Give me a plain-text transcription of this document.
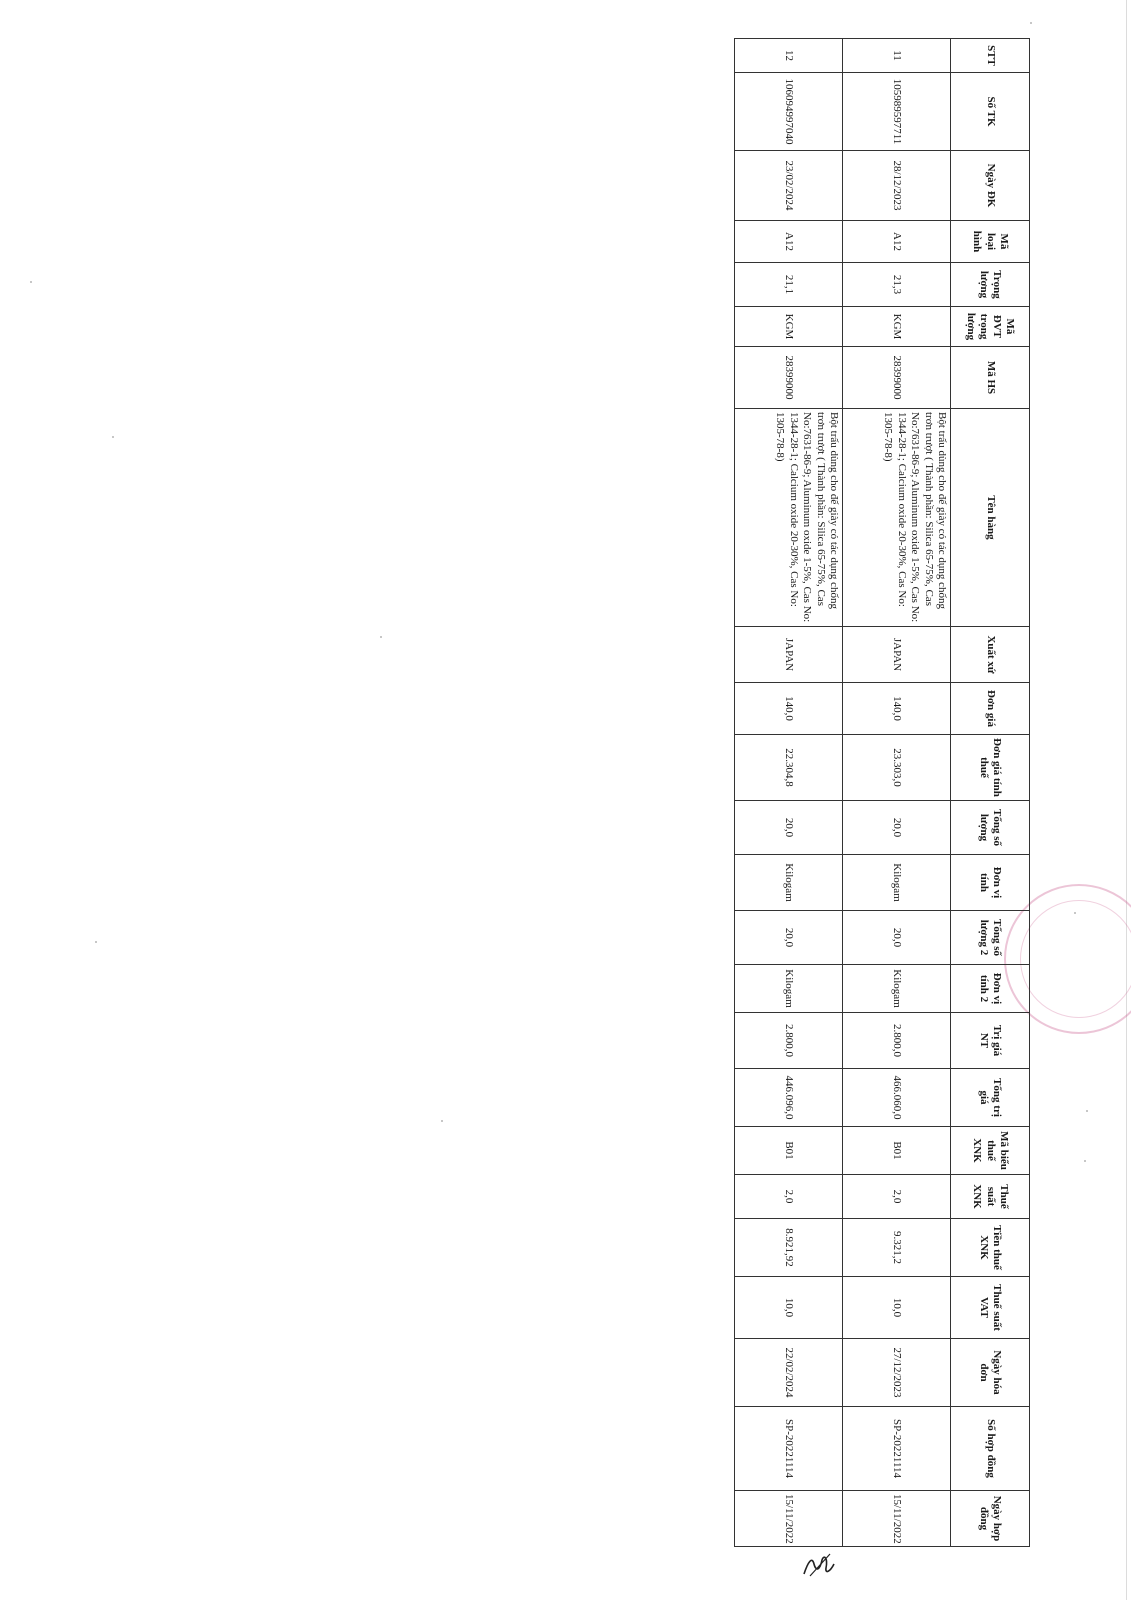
STT	Số TK	Ngày ĐK	Mã loại hình	Trọng lượng	Mã ĐVT trọng lượng	Mã HS	Tên hàng	Xuất xứ	Đơn giá	Đơn giá tính thuế	Tổng số lượng	Đơn vị tính	Tổng số lượng 2	Đơn vị tính 2	Trị giá NT	Tổng trị giá	Mã biểu thuế XNK	Thuế suất XNK	Tiền thuế XNK	Thuế suất VAT	Ngày hóa đơn	Số hợp đồng	Ngày hợp đồng
11	105989597711	28/12/2023	A12	21,3	KGM	28399000	Bột trấu dùng cho đế giày có tác dụng chống trơn trượt ( Thành phần: Silica 65-75%, Cas No:7631-86-9; Aluminum oxide 1-5%, Cas No: 1344-28-1; Calcium oxide 20-30%, Cas No: 1305-78-8)	JAPAN	140,0	23.303,0	20,0	Kilogam	20,0	Kilogam	2.800,0	466.060,0	B01	2,0	9.321,2	10,0	27/12/2023	SP-20221114	15/11/2022
12	106094997040	23/02/2024	A12	21,1	KGM	28399000	Bột trấu dùng cho đế giày có tác dụng chống trơn trượt ( Thành phần: Silica 65-75%, Cas No:7631-86-9; Aluminum oxide 1-5%, Cas No: 1344-28-1; Calcium oxide 20-30%, Cas No: 1305-78-8)	JAPAN	140,0	22.304,8	20,0	Kilogam	20,0	Kilogam	2.800,0	446.096,0	B01	2,0	8.921,92	10,0	22/02/2024	SP-20221114	15/11/2022
